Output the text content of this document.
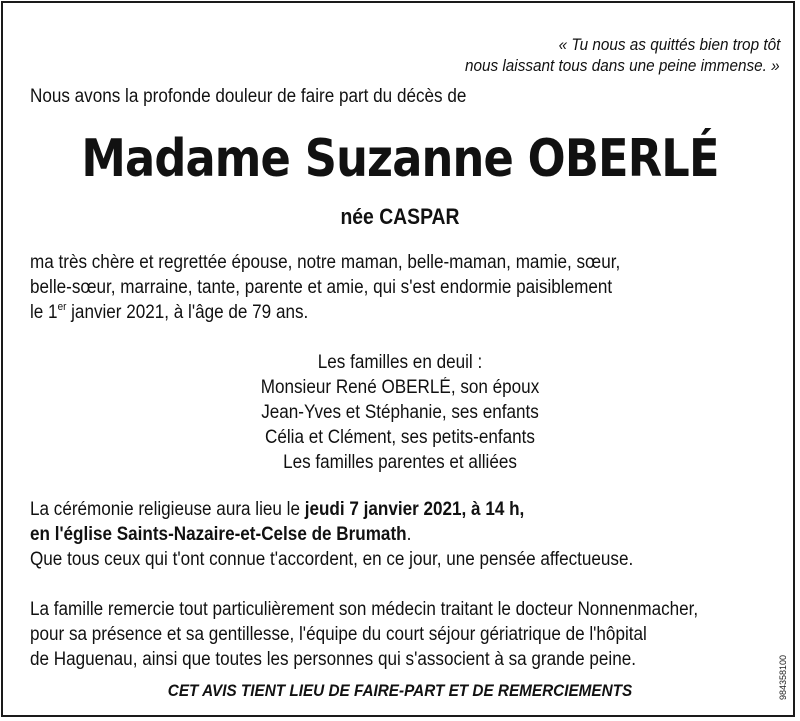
« Tu nous as quittés bien trop tôt
nous laissant tous dans une peine immense. »
Nous avons la profonde douleur de faire part du décès de
Madame Suzanne OBERLÉ
née CASPAR
ma très chère et regrettée épouse, notre maman, belle-maman, mamie, sœur,
belle-sœur, marraine, tante, parente et amie, qui s'est endormie paisiblement
le 1er janvier 2021, à l'âge de 79 ans.
Les familles en deuil :
Monsieur René OBERLÉ, son époux
Jean-Yves et Stéphanie, ses enfants
Célia et Clément, ses petits-enfants
Les familles parentes et alliées
La cérémonie religieuse aura lieu le jeudi 7 janvier 2021, à 14 h,
en l'église Saints-Nazaire-et-Celse de Brumath.
Que tous ceux qui t'ont connue t'accordent, en ce jour, une pensée affectueuse.
La famille remercie tout particulièrement son médecin traitant le docteur Nonnenmacher,
pour sa présence et sa gentillesse, l'équipe du court séjour gériatrique de l'hôpital
de Haguenau, ainsi que toutes les personnes qui s'associent à sa grande peine.
CET AVIS TIENT LIEU DE FAIRE-PART ET DE REMERCIEMENTS	984358100
